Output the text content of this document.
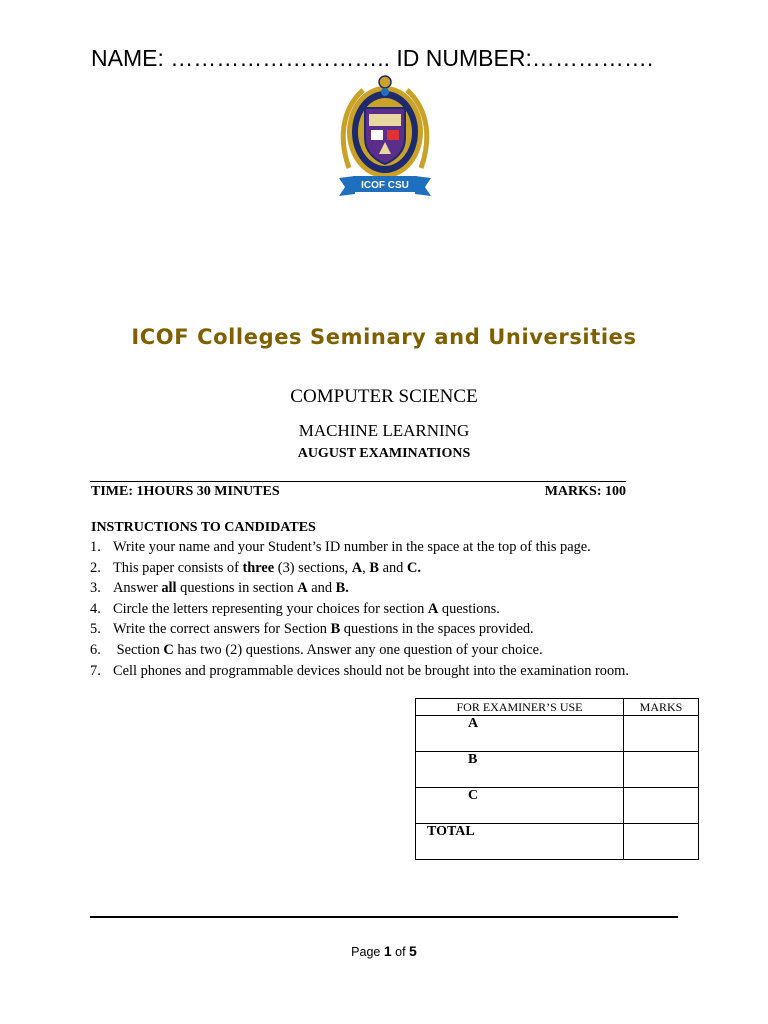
NAME: ……………………….. ID NUMBER:…………….
ICOF CSU
ICOF Colleges Seminary and Universities
COMPUTER SCIENCE
MACHINE LEARNING
AUGUST EXAMINATIONS
TIME: 1HOURS 30 MINUTES	MARKS: 100
INSTRUCTIONS TO CANDIDATES
1. Write your name and your Student’s ID number in the space at the top of this page.
2. This paper consists of three (3) sections, A, B and C.
3. Answer all questions in section A and B.
4. Circle the letters representing your choices for section A questions.
5. Write the correct answers for Section B questions in the spaces provided.
6. Section C has two (2) questions. Answer any one question of your choice.
7. Cell phones and programmable devices should not be brought into the examination room.
FOR EXAMINER’S USE	MARKS
A	
B	
C	
TOTAL	
Page 1 of 5
